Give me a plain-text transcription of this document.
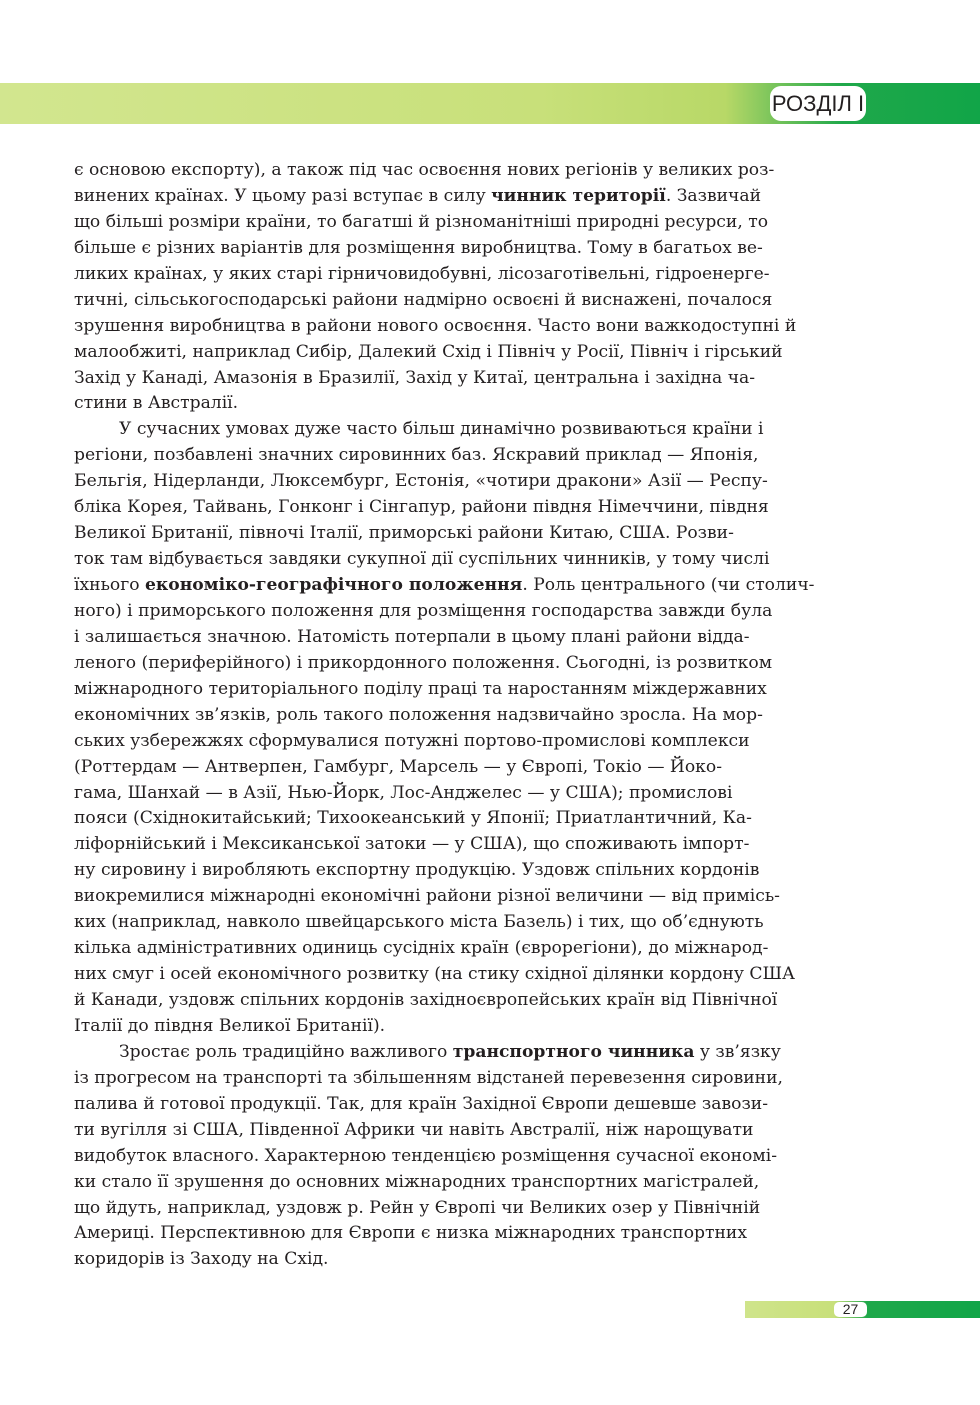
РОЗДІЛ І
є основою експорту), а також під час освоєння нових регіонів у великих роз-
винених країнах. У цьому разі вступає в силу чинник території. Зазвичай
що більші розміри країни, то багатші й різноманітніші природні ресурси, то
більше є різних варіантів для розміщення виробництва. Тому в багатьох ве-
ликих країнах, у яких старі гірничовидобувні, лісозаготівельні, гідроенерге-
тичні, сільськогосподарські райони надмірно освоєні й виснажені, почалося
зрушення виробництва в райони нового освоєння. Часто вони важкодоступні й
малообжиті, наприклад Сибір, Далекий Схід і Північ у Росії, Північ і гірський
Захід у Канаді, Амазонія в Бразилії, Захід у Китаї, центральна і західна ча-
стини в Австралії.
У сучасних умовах дуже часто більш динамічно розвиваються країни і
регіони, позбавлені значних сировинних баз. Яскравий приклад — Японія,
Бельгія, Нідерланди, Люксембург, Естонія, «чотири дракони» Азії — Респу-
бліка Корея, Тайвань, Гонконг і Сінгапур, райони півдня Німеччини, півдня
Великої Британії, півночі Італії, приморські райони Китаю, США. Розви-
ток там відбувається завдяки сукупної дії суспільних чинників, у тому числі
їхнього економіко-географічного положення. Роль центрального (чи столич-
ного) і приморського положення для розміщення господарства завжди була
і залишається значною. Натомість потерпали в цьому плані райони відда-
леного (периферійного) і прикордонного положення. Сьогодні, із розвитком
міжнародного територіального поділу праці та наростанням міждержавних
економічних зв’язків, роль такого положення надзвичайно зросла. На мор-
ських узбережжях сформувалися потужні портово-промислові комплекси
(Роттердам — Антверпен, Гамбург, Марсель — у Європі, Токіо — Йоко-
гама, Шанхай — в Азії, Нью-Йорк, Лос-Анджелес — у США); промислові
пояси (Східнокитайський; Тихоокеанський у Японії; Приатлантичний, Ка-
ліфорнійський і Мексиканської затоки — у США), що споживають імпорт-
ну сировину і виробляють експортну продукцію. Уздовж спільних кордонів
виокремилися міжнародні економічні райони різної величини — від примісь-
ких (наприклад, навколо швейцарського міста Базель) і тих, що об’єднують
кілька адміністративних одиниць сусідніх країн (єврорегіони), до міжнарод-
них смуг і осей економічного розвитку (на стику східної ділянки кордону США
й Канади, уздовж спільних кордонів західноєвропейських країн від Північної
Італії до півдня Великої Британії).
Зростає роль традиційно важливого транспортного чинника у зв’язку
із прогресом на транспорті та збільшенням відстаней перевезення сировини,
палива й готової продукції. Так, для країн Західної Європи дешевше завози-
ти вугілля зі США, Південної Африки чи навіть Австралії, ніж нарощувати
видобуток власного. Характерною тенденцією розміщення сучасної економі-
ки стало її зрушення до основних міжнародних транспортних магістралей,
що йдуть, наприклад, уздовж р. Рейн у Європі чи Великих озер у Північній
Америці. Перспективною для Європи є низка міжнародних транспортних
коридорів із Заходу на Схід.
27
